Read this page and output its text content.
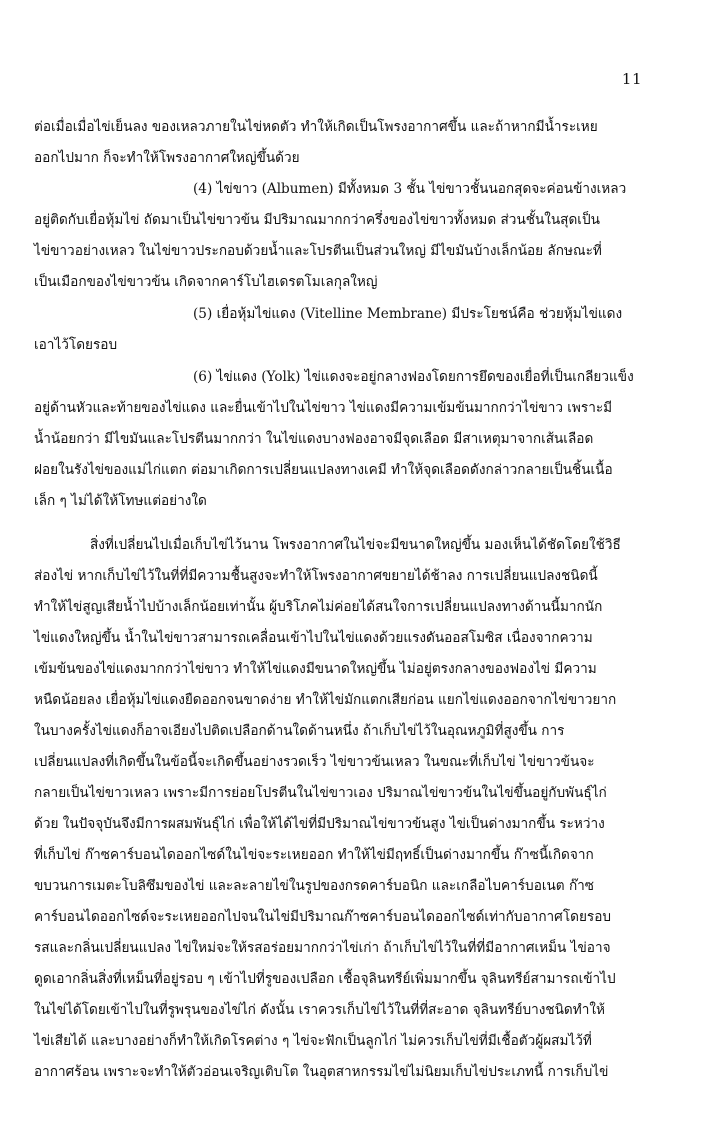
11
ต่อเมื่อเมื่อไข่เย็นลง ของเหลวภายในไข่หดตัว ทำให้เกิดเป็นโพรงอากาศขึ้น และถ้าหากมีน้ำระเหย
ออกไปมาก ก็จะทำให้โพรงอากาศใหญ่ขึ้นด้วย
(4) ไข่ขาว (Albumen) มีทั้งหมด 3 ชั้น ไข่ขาวชั้นนอกสุดจะค่อนข้างเหลว
อยู่ติดกับเยื่อหุ้มไข่ ถัดมาเป็นไข่ขาวข้น มีปริมาณมากกว่าครึ่งของไข่ขาวทั้งหมด ส่วนชั้นในสุดเป็น
ไข่ขาวอย่างเหลว ในไข่ขาวประกอบด้วยน้ำและโปรตีนเป็นส่วนใหญ่ มีไขมันบ้างเล็กน้อย ลักษณะที่
เป็นเมือกของไข่ขาวข้น เกิดจากคาร์โบไฮเดรตโมเลกุลใหญ่
(5) เยื่อหุ้มไข่แดง (Vitelline Membrane) มีประโยชน์คือ ช่วยหุ้มไข่แดง
เอาไว้โดยรอบ
(6) ไข่แดง (Yolk) ไข่แดงจะอยู่กลางฟองโดยการยึดของเยื่อที่เป็นเกลียวแข็ง
อยู่ด้านหัวและท้ายของไข่แดง และยื่นเข้าไปในไข่ขาว ไข่แดงมีความเข้มข้นมากกว่าไข่ขาว เพราะมี
น้ำน้อยกว่า มีไขมันและโปรตีนมากกว่า ในไข่แดงบางฟองอาจมีจุดเลือด มีสาเหตุมาจากเส้นเลือด
ฝอยในรังไข่ของแม่ไก่แตก ต่อมาเกิดการเปลี่ยนแปลงทางเคมี ทำให้จุดเลือดดังกล่าวกลายเป็นชิ้นเนื้อ
เล็ก ๆ ไม่ได้ให้โทษแต่อย่างใด
สิ่งที่เปลี่ยนไปเมื่อเก็บไข่ไว้นาน โพรงอากาศในไข่จะมีขนาดใหญ่ขึ้น มองเห็นได้ชัดโดยใช้วิธี
ส่องไข่ หากเก็บไข่ไว้ในที่ที่มีความชื้นสูงจะทำให้โพรงอากาศขยายได้ช้าลง การเปลี่ยนแปลงชนิดนี้
ทำให้ไข่สูญเสียน้ำไปบ้างเล็กน้อยเท่านั้น ผู้บริโภคไม่ค่อยได้สนใจการเปลี่ยนแปลงทางด้านนี้มากนัก
ไข่แดงใหญ่ขึ้น น้ำในไข่ขาวสามารถเคลื่อนเข้าไปในไข่แดงด้วยแรงดันออสโมซิส เนื่องจากความ
เข้มข้นของไข่แดงมากกว่าไข่ขาว ทำให้ไข่แดงมีขนาดใหญ่ขึ้น ไม่อยู่ตรงกลางของฟองไข่ มีความ
หนืดน้อยลง เยื่อหุ้มไข่แดงยืดออกจนขาดง่าย ทำให้ไข่มักแตกเสียก่อน แยกไข่แดงออกจากไข่ขาวยาก
ในบางครั้งไข่แดงก็อาจเอียงไปติดเปลือกด้านใดด้านหนึ่ง ถ้าเก็บไข่ไว้ในอุณหภูมิที่สูงขึ้น การ
เปลี่ยนแปลงที่เกิดขึ้นในข้อนี้จะเกิดขึ้นอย่างรวดเร็ว ไข่ขาวข้นเหลว ในขณะที่เก็บไข่ ไข่ขาวข้นจะ
กลายเป็นไข่ขาวเหลว เพราะมีการย่อยโปรตีนในไข่ขาวเอง ปริมาณไข่ขาวข้นในไข่ขึ้นอยู่กับพันธุ์ไก่
ด้วย ในปัจจุบันจึงมีการผสมพันธุ์ไก่ เพื่อให้ได้ไข่ที่มีปริมาณไข่ขาวข้นสูง ไข่เป็นด่างมากขึ้น ระหว่าง
ที่เก็บไข่ ก๊าซคาร์บอนไดออกไซด์ในไข่จะระเหยออก ทำให้ไข่มีฤทธิ์เป็นด่างมากขึ้น ก๊าซนี้เกิดจาก
ขบวนการเมตะโบลิซึมของไข่ และละลายไข่ในรูปของกรดคาร์บอนิก และเกลือไบคาร์บอเนต ก๊าซ
คาร์บอนไดออกไซด์จะระเหยออกไปจนในไข่มีปริมาณก๊าซคาร์บอนไดออกไซด์เท่ากับอากาศโดยรอบ
รสและกลิ่นเปลี่ยนแปลง ไข่ใหม่จะให้รสอร่อยมากกว่าไข่เก่า ถ้าเก็บไข่ไว้ในที่ที่มีอากาศเหม็น ไข่อาจ
ดูดเอากลิ่นสิ่งที่เหม็นที่อยู่รอบ ๆ เข้าไปที่รูของเปลือก เชื้อจุลินทรีย์เพิ่มมากขึ้น จุลินทรีย์สามารถเข้าไป
ในไข่ได้โดยเข้าไปในที่รูพรุนของไข่ไก่ ดังนั้น เราควรเก็บไข่ไว้ในที่ที่สะอาด จุลินทรีย์บางชนิดทำให้
ไข่เสียได้ และบางอย่างก็ทำให้เกิดโรคต่าง ๆ ไข่จะฟักเป็นลูกไก่ ไม่ควรเก็บไข่ที่มีเชื้อตัวผู้ผสมไว้ที่
อากาศร้อน เพราะจะทำให้ตัวอ่อนเจริญเติบโต ในอุตสาหกรรมไข่ไม่นิยมเก็บไข่ประเภทนี้ การเก็บไข่
